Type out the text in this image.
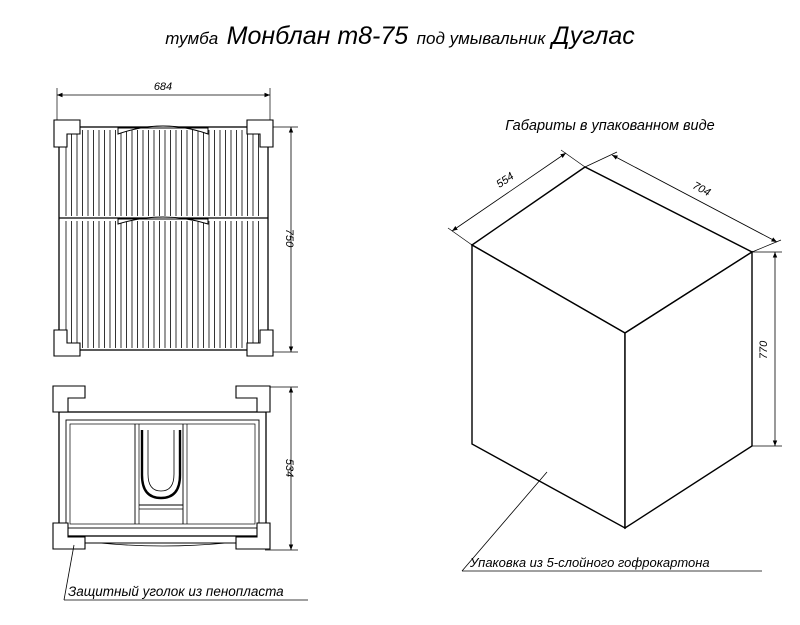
тумба Монблан т8-75 под умывальник Дуглас
684
750
534
Защитный уголок из пенопласта
Габариты в упакованном виде
554	704
770
Упаковка из 5-слойного гофрокартона
